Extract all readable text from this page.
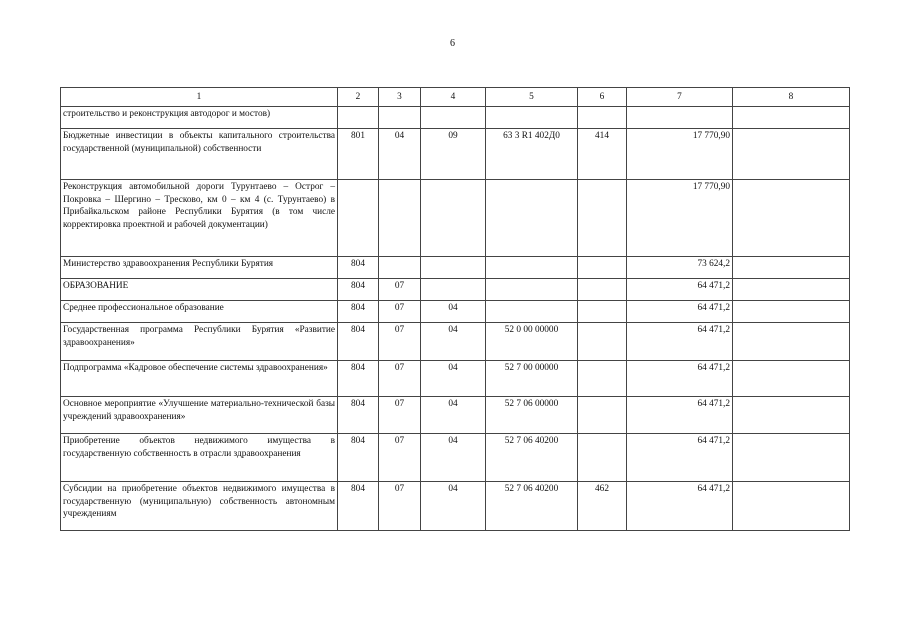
6
1	2	3	4	5	6	7	8
строительство и реконструкция автодорог и мостов)							
Бюджетные инвестиции в объекты капитального строительства государственной (муниципальной) собственности	801	04	09	63 3 R1 402Д0	414	17 770,90	
Реконструкция автомобильной дороги Турунтаево – Острог – Покровка – Шергино – Тресково, км 0 – км 4 (с. Турунтаево) в Прибайкальском районе Республики Бурятия (в том числе корректировка проектной и рабочей документации)						17 770,90	
Министерство здравоохранения Республики Бурятия	804					73 624,2	
ОБРАЗОВАНИЕ	804	07				64 471,2	
Среднее профессиональное образование	804	07	04			64 471,2	
Государственная программа Республики Бурятия «Развитие здравоохранения»	804	07	04	52 0 00 00000		64 471,2	
Подпрограмма «Кадровое обеспечение системы здравоохранения»	804	07	04	52 7 00 00000		64 471,2	
Основное мероприятие «Улучшение материально-технической базы учреждений здравоохранения»	804	07	04	52 7 06 00000		64 471,2	
Приобретение объектов недвижимого имущества в государственную собственность в отрасли здравоохранения	804	07	04	52 7 06 40200		64 471,2	
Субсидии на приобретение объектов недвижимого имущества в государственную (муниципальную) собственность автономным учреждениям	804	07	04	52 7 06 40200	462	64 471,2	
